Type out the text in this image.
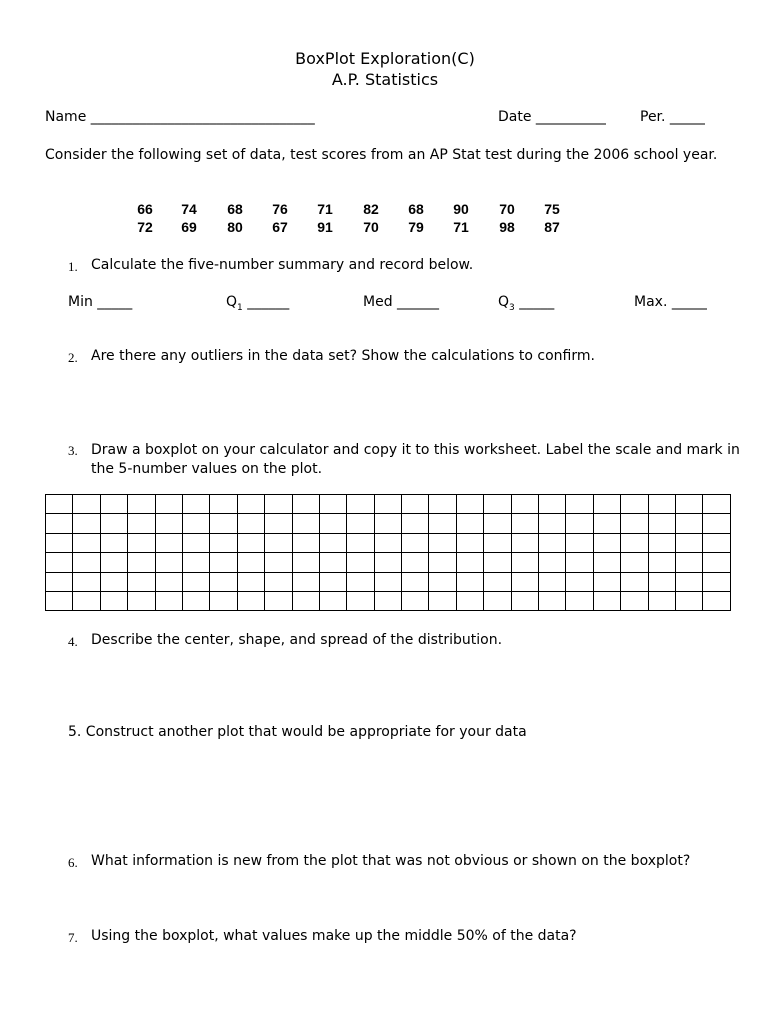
BoxPlot Exploration(C)
A.P. Statistics
Name ________________________________	Date __________ Per. _____
Consider the following set of data, test scores from an AP Stat test during the 2006 school year.
66	74	68	76	71	82	68	90	70	75
72	69	80	67	91	70	79	71	98	87
1. Calculate the five-number summary and record below.
Min _____	$Q_1$ ______	Med ______	$Q_3$ _____	Max. _____
2. Are there any outliers in the data set? Show the calculations to confirm.
3. Draw a boxplot on your calculator and copy it to this worksheet. Label the scale and mark in the 5-number values on the plot.

4. Describe the center, shape, and spread of the distribution.
5. Construct another plot that would be appropriate for your data
6. What information is new from the plot that was not obvious or shown on the boxplot?
7. Using the boxplot, what values make up the middle 50% of the data?
